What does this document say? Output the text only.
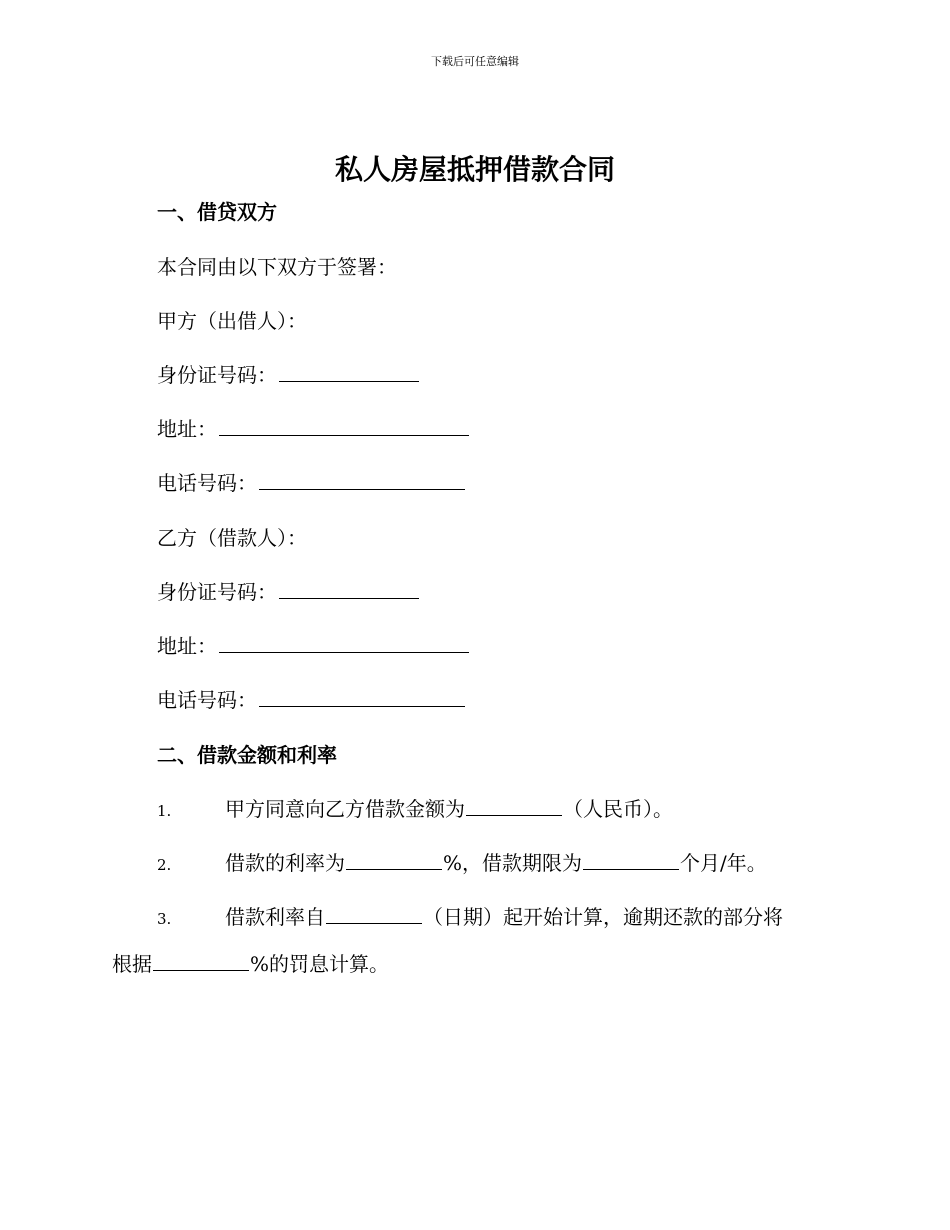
下载后可任意编辑
私人房屋抵押借款合同
一、借贷双方
本合同由以下双方于签署：
甲方（出借人）：
身份证号码：
地址：
电话号码：
乙方（借款人）：
身份证号码：
地址：
电话号码：
二、借款金额和利率
1.	甲方同意向乙方借款金额为	（人民币）。
2.	借款的利率为	%，借款期限为	个月/年。
3.	借款利率自	（日期）起开始计算，逾期还款的部分将
根据	%的罚息计算。
